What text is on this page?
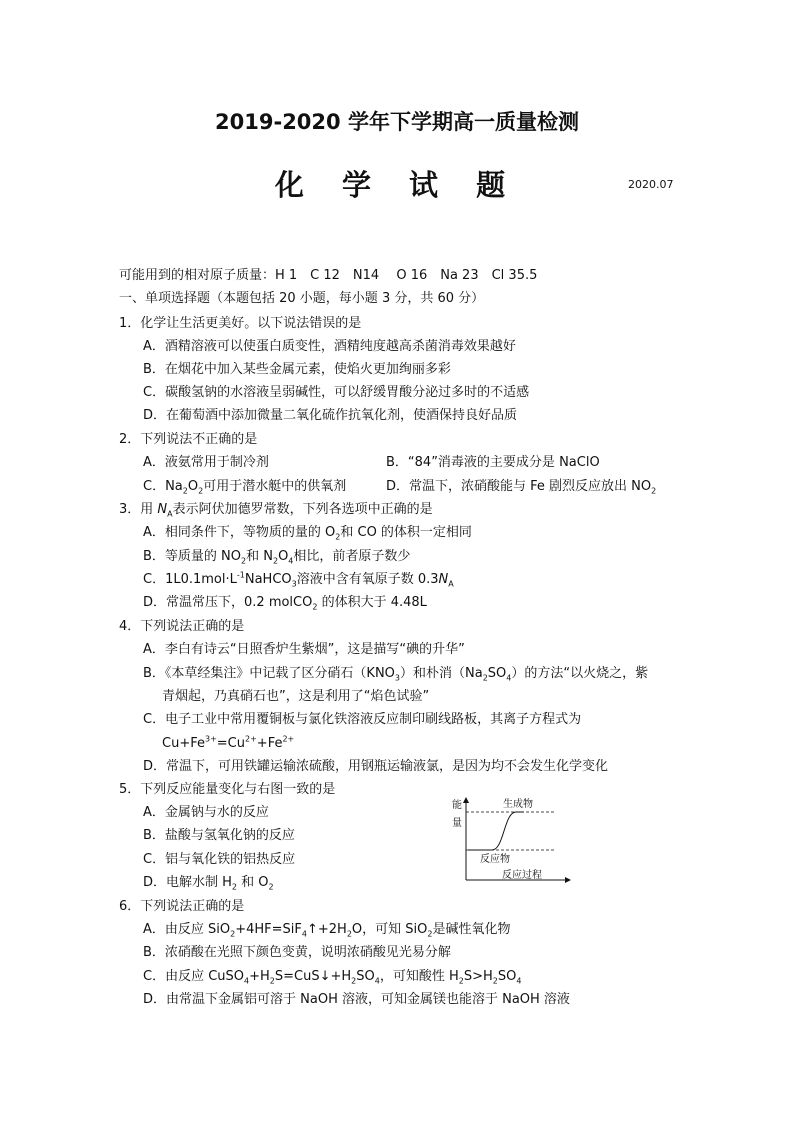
2019-2020 学年下学期高一质量检测
化 学 试 题	2020.07
可能用到的相对原子质量：H 1　C 12　N14　 O 16　Na 23　Cl 35.5
一、单项选择题（本题包括 20 小题，每小题 3 分，共 60 分）
1．化学让生活更美好。以下说法错误的是
A．酒精溶液可以使蛋白质变性，酒精纯度越高杀菌消毒效果越好
B．在烟花中加入某些金属元素，使焰火更加绚丽多彩
C．碳酸氢钠的水溶液呈弱碱性，可以舒缓胃酸分泌过多时的不适感
D．在葡萄酒中添加微量二氧化硫作抗氧化剂，使酒保持良好品质
2．下列说法不正确的是
A．液氨常用于制冷剂	B．“84”消毒液的主要成分是 NaClO
C．$Na_2O_2$可用于潜水艇中的供氧剂	D．常温下，浓硝酸能与 Fe 剧烈反应放出 $NO_2$
3．用 $N_A$表示阿伏加德罗常数，下列各选项中正确的是
A．相同条件下，等物质的量的 $O_2$和 CO 的体积一定相同
B．等质量的 $NO_2$和 $N_2O_4$相比，前者原子数少
C．$1L0.1mol\cdot L^{-1}NaHCO_3$溶液中含有氧原子数 $0.3N_A$
D．常温常压下，0.2 molCO$_2$ 的体积大于 4.48L
4．下列说法正确的是
A．李白有诗云“日照香炉生紫烟”，这是描写“碘的升华”
B．《本草经集注》中记载了区分硝石$(KNO_3)$和朴消$(Na_2SO_4)$的方法“以火烧之，紫
青烟起，乃真硝石也”，这是利用了“焰色试验”
C．电子工业中常用覆铜板与氯化铁溶液反应制印刷线路板，其离子方程式为
$Cu+Fe^{3+}=Cu^{2+}+Fe^{2+}$
D．常温下，可用铁罐运输浓硫酸，用钢瓶运输液氯，是因为均不会发生化学变化
5．下列反应能量变化与右图一致的是
A．金属钠与水的反应
B．盐酸与氢氧化钠的反应
C．铝与氧化铁的铝热反应
D．电解水制 $H_2$ 和 $O_2$
能
量
生成物
反应物
反应过程
6．下列说法正确的是
A．由反应 $SiO_2+4HF=SiF_4↑+2H_2O$，可知 SiO$_2$是碱性氧化物
B．浓硝酸在光照下颜色变黄，说明浓硝酸见光易分解
C．由反应 $CuSO_4+H_2S=CuS↓+H_2SO_4$，可知酸性 $H_2S>H_2SO_4$
D．由常温下金属铝可溶于 NaOH 溶液，可知金属镁也能溶于 NaOH 溶液
